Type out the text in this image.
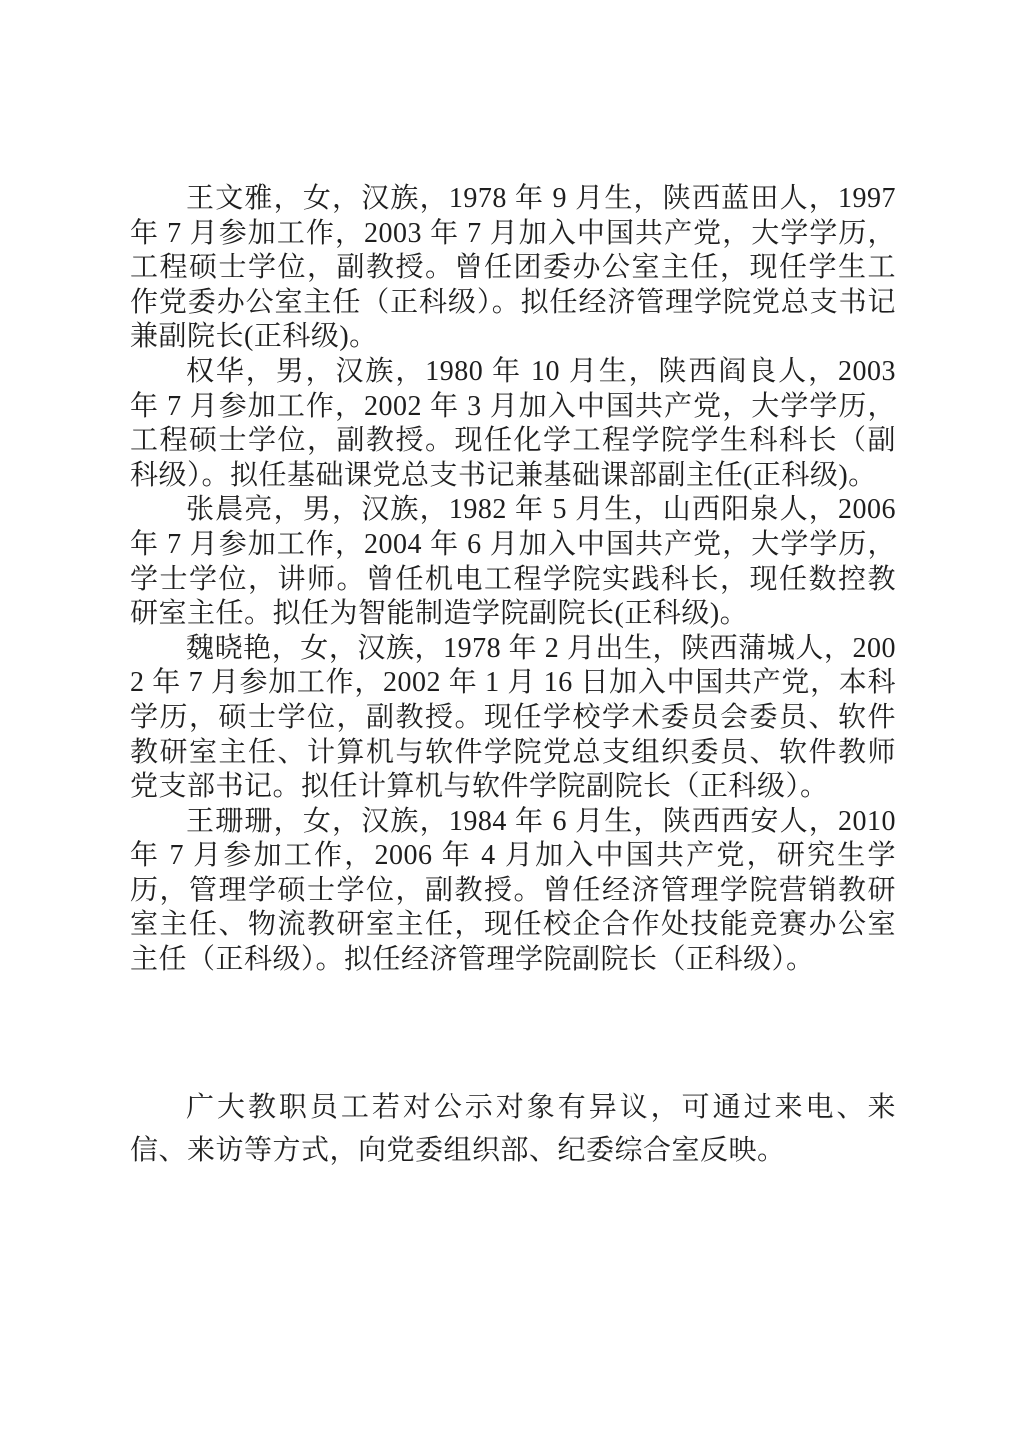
王文雅，女，汉族，1978 年 9 月生，陕西蓝田人，1997 年 7 月参加工作，2003 年 7 月加入中国共产党，大学学历，工程硕士学位，副教授。曾任团委办公室主任，现任学生工作党委办公室主任（正科级）。拟任经济管理学院党总支书记兼副院长(正科级)。

权华，男，汉族，1980 年 10 月生，陕西阎良人，2003 年 7 月参加工作，2002 年 3 月加入中国共产党，大学学历，工程硕士学位，副教授。现任化学工程学院学生科科长（副科级）。拟任基础课党总支书记兼基础课部副主任(正科级)。

张晨亮，男，汉族，1982 年 5 月生，山西阳泉人，2006 年 7 月参加工作，2004 年 6 月加入中国共产党，大学学历，学士学位，讲师。曾任机电工程学院实践科长，现任数控教研室主任。拟任为智能制造学院副院长(正科级)。

魏晓艳，女，汉族，1978 年 2 月出生，陕西蒲城人，2002 年 7 月参加工作，2002 年 1 月 16 日加入中国共产党，本科学历，硕士学位，副教授。现任学校学术委员会委员、软件教研室主任、计算机与软件学院党总支组织委员、软件教师党支部书记。拟任计算机与软件学院副院长（正科级）。

王珊珊，女，汉族，1984 年 6 月生，陕西西安人，2010 年 7 月参加工作，2006 年 4 月加入中国共产党，研究生学历，管理学硕士学位，副教授。曾任经济管理学院营销教研室主任、物流教研室主任，现任校企合作处技能竞赛办公室主任（正科级）。拟任经济管理学院副院长（正科级）。

广大教职员工若对公示对象有异议，可通过来电、来信、来访等方式，向党委组织部、纪委综合室反映。
